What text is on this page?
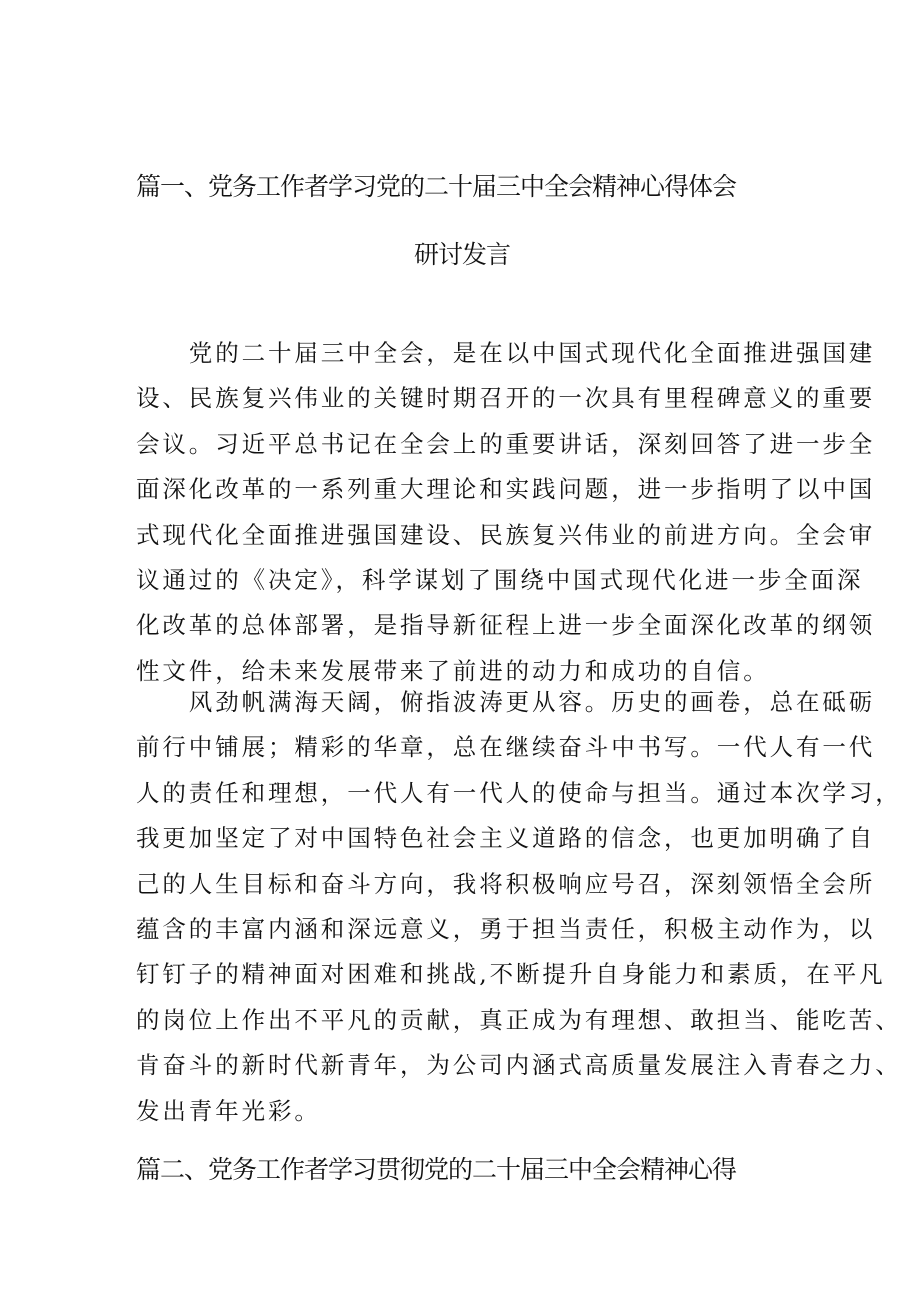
篇一、党务工作者学习党的二十届三中全会精神心得体会
研讨发言
　　党的二十届三中全会，是在以中国式现代化全面推进强国建
设、民族复兴伟业的关键时期召开的一次具有里程碑意义的重要
会议。习近平总书记在全会上的重要讲话，深刻回答了进一步全
面深化改革的一系列重大理论和实践问题，进一步指明了以中国
式现代化全面推进强国建设、民族复兴伟业的前进方向。全会审
议通过的《决定》，科学谋划了围绕中国式现代化进一步全面深
化改革的总体部署，是指导新征程上进一步全面深化改革的纲领
性文件，给未来发展带来了前进的动力和成功的自信。
　　风劲帆满海天阔，俯指波涛更从容。历史的画卷，总在砥砺
前行中铺展；精彩的华章，总在继续奋斗中书写。一代人有一代
人的责任和理想，一代人有一代人的使命与担当。通过本次学习，
我更加坚定了对中国特色社会主义道路的信念，也更加明确了自
己的人生目标和奋斗方向，我将积极响应号召，深刻领悟全会所
蕴含的丰富内涵和深远意义，勇于担当责任，积极主动作为，以
钉钉子的精神面对困难和挑战,不断提升自身能力和素质，在平凡
的岗位上作出不平凡的贡献，真正成为有理想、敢担当、能吃苦、
肯奋斗的新时代新青年，为公司内涵式高质量发展注入青春之力、
发出青年光彩。
篇二、党务工作者学习贯彻党的二十届三中全会精神心得
